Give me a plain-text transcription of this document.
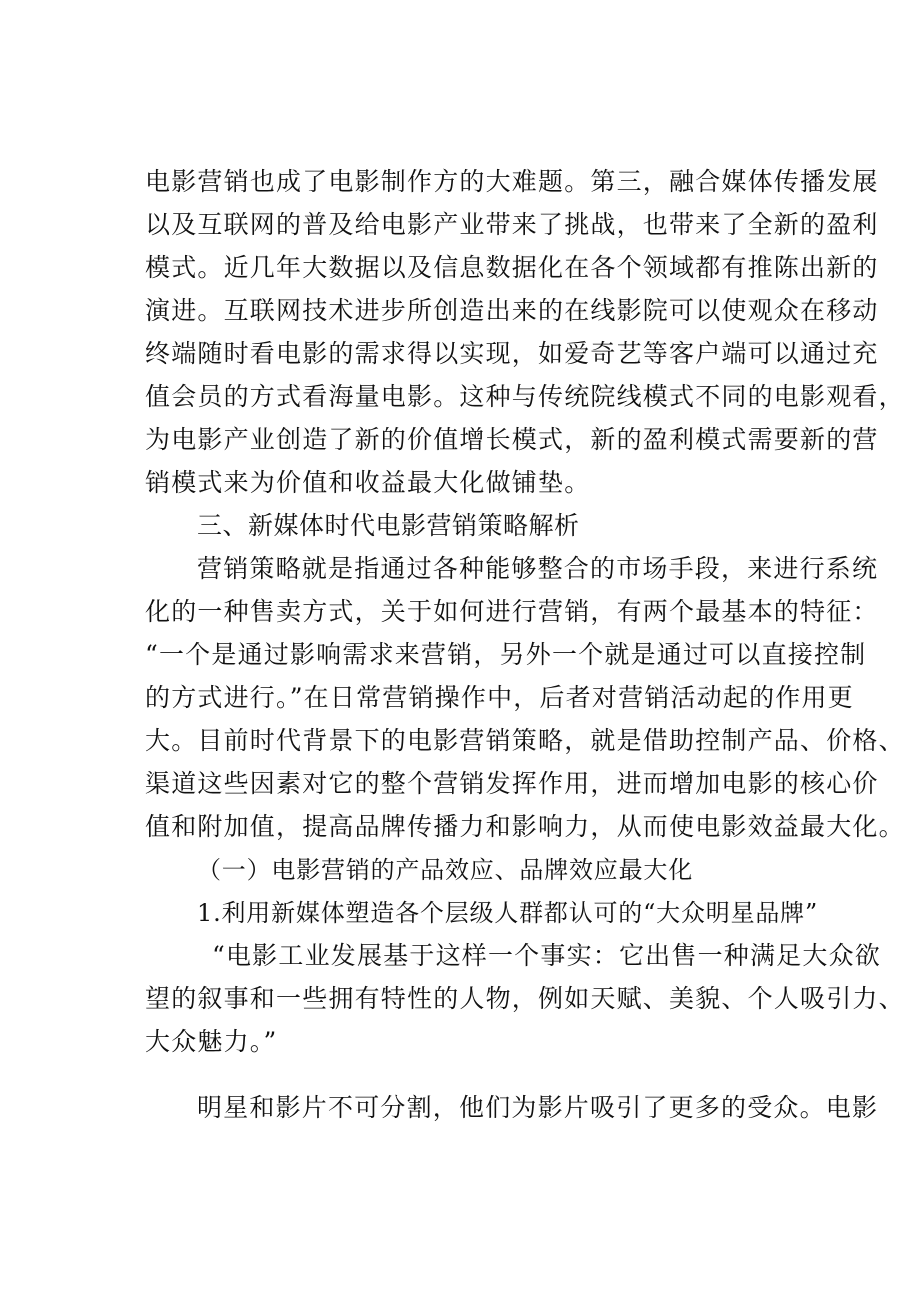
电影营销也成了电影制作方的大难题。第三，融合媒体传播发展
以及互联网的普及给电影产业带来了挑战，也带来了全新的盈利
模式。近几年大数据以及信息数据化在各个领域都有推陈出新的
演进。互联网技术进步所创造出来的在线影院可以使观众在移动
终端随时看电影的需求得以实现，如爱奇艺等客户端可以通过充
值会员的方式看海量电影。这种与传统院线模式不同的电影观看，
为电影产业创造了新的价值增长模式，新的盈利模式需要新的营
销模式来为价值和收益最大化做铺垫。
三、新媒体时代电影营销策略解析
营销策略就是指通过各种能够整合的市场手段，来进行系统
化的一种售卖方式，关于如何进行营销，有两个最基本的特征：
“一个是通过影响需求来营销，另外一个就是通过可以直接控制
的方式进行。”在日常营销操作中，后者对营销活动起的作用更
大。目前时代背景下的电影营销策略，就是借助控制产品、价格、
渠道这些因素对它的整个营销发挥作用，进而增加电影的核心价
值和附加值，提高品牌传播力和影响力，从而使电影效益最大化。
（一）电影营销的产品效应、品牌效应最大化
1.利用新媒体塑造各个层级人群都认可的“大众明星品牌”
“电影工业发展基于这样一个事实：它出售一种满足大众欲
望的叙事和一些拥有特性的人物，例如天赋、美貌、个人吸引力、
大众魅力。”
明星和影片不可分割，他们为影片吸引了更多的受众。电影
